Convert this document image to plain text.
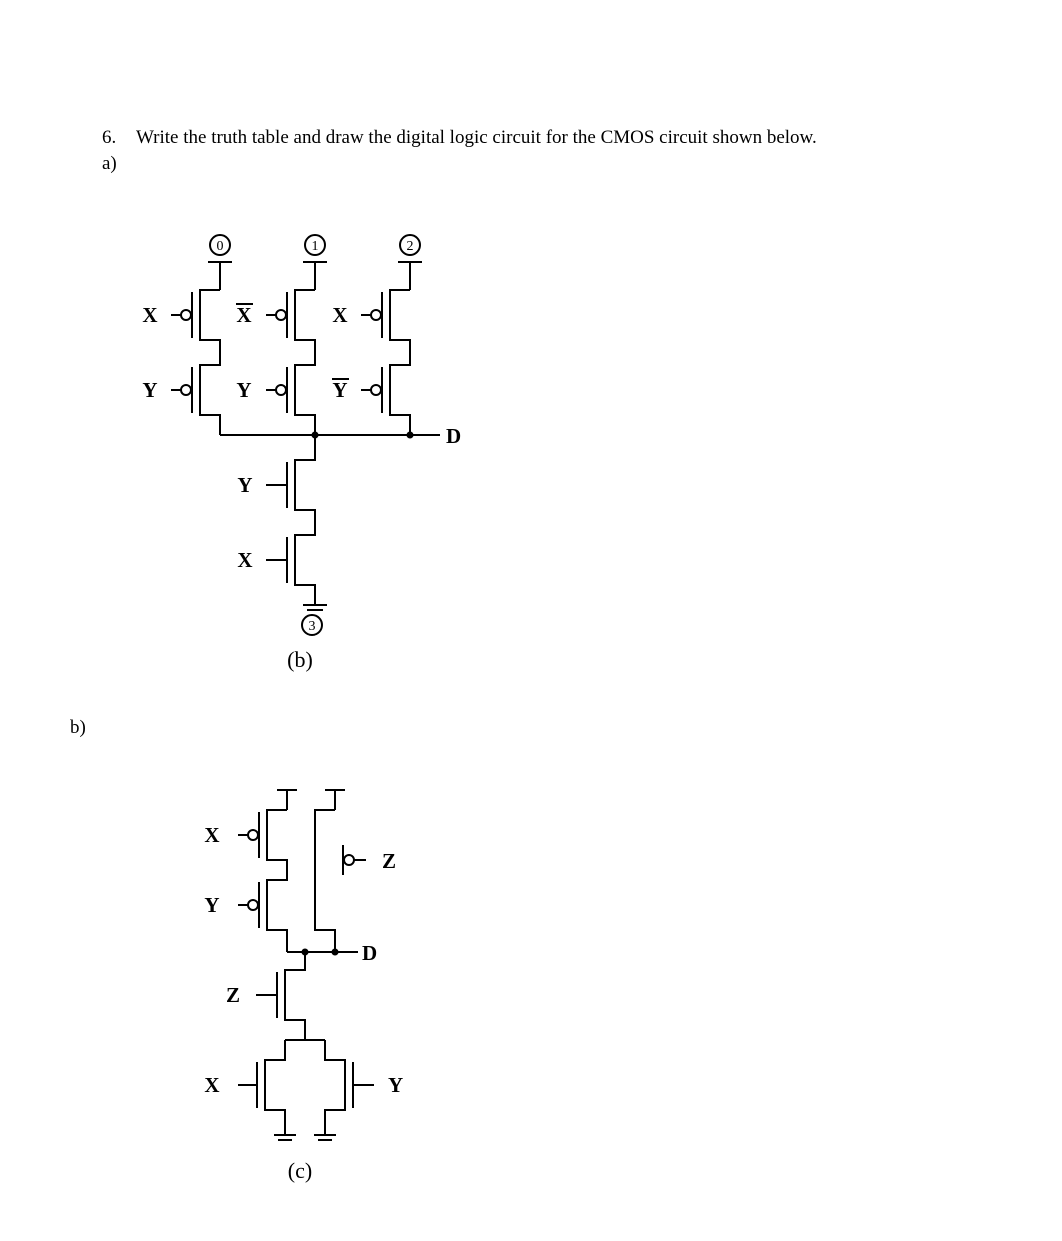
6. Write the truth table and draw the digital logic circuit for the CMOS circuit shown below.
a)
b)
0	1	2
X
Y
X
Y
X
Y
D
Y
X
3
(b)
X
Y
Z
D
Z
X	Y
(c)
